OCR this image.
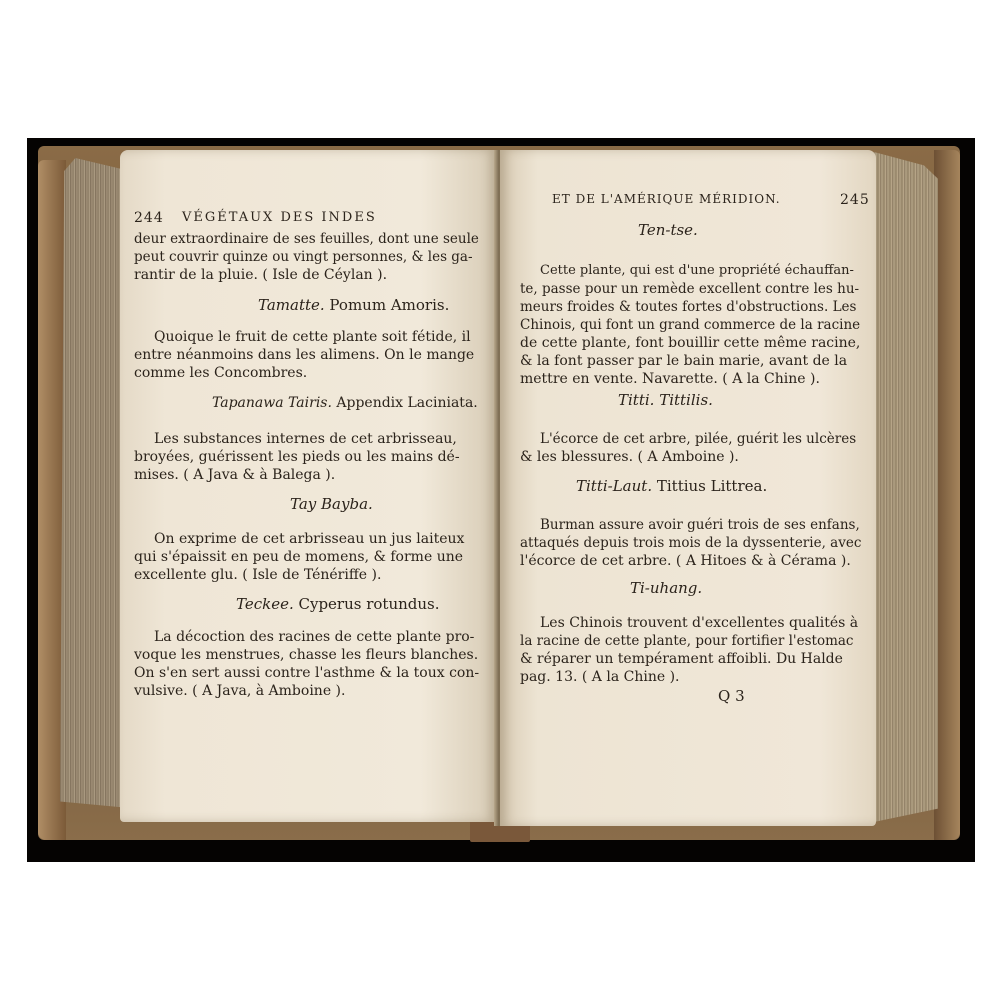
244 VÉGÉTAUX DES INDES
deur extraordinaire de ses feuilles, dont une seule
peut couvrir quinze ou vingt personnes, & les ga-
rantir de la pluie. ( Isle de Céylan ).
Tamatte. Pomum Amoris.
Quoique le fruit de cette plante soit fétide, il
entre néanmoins dans les alimens. On le mange
comme les Concombres.
Tapanawa Tairis. Appendix Laciniata.
Les substances internes de cet arbrisseau,
broyées, guérissent les pieds ou les mains dé-
mises. ( A Java & à Balega ).
Tay Bayba.
On exprime de cet arbrisseau un jus laiteux
qui s'épaissit en peu de momens, & forme une
excellente glu. ( Isle de Ténériffe ).
Teckee. Cyperus rotundus.
La décoction des racines de cette plante pro-
voque les menstrues, chasse les fleurs blanches.
On s'en sert aussi contre l'asthme & la toux con-
vulsive. ( A Java, à Amboine ).
ET DE L'AMÉRIQUE MÉRIDION.	245
Ten-tse.
Cette plante, qui est d'une propriété échauffan-
te, passe pour un remède excellent contre les hu-
meurs froides & toutes fortes d'obstructions. Les
Chinois, qui font un grand commerce de la racine
de cette plante, font bouillir cette même racine,
& la font passer par le bain marie, avant de la
mettre en vente. Navarette. ( A la Chine ).
Titti. Tittilis.
L'écorce de cet arbre, pilée, guérit les ulcères
& les blessures. ( A Amboine ).
Titti-Laut. Tittius Littrea.
Burman assure avoir guéri trois de ses enfans,
attaqués depuis trois mois de la dyssenterie, avec
l'écorce de cet arbre. ( A Hitoes & à Cérama ).
Ti-uhang.
Les Chinois trouvent d'excellentes qualités à
la racine de cette plante, pour fortifier l'estomac
& réparer un tempérament affoibli. Du Halde
pag. 13. ( A la Chine ).
Q 3
